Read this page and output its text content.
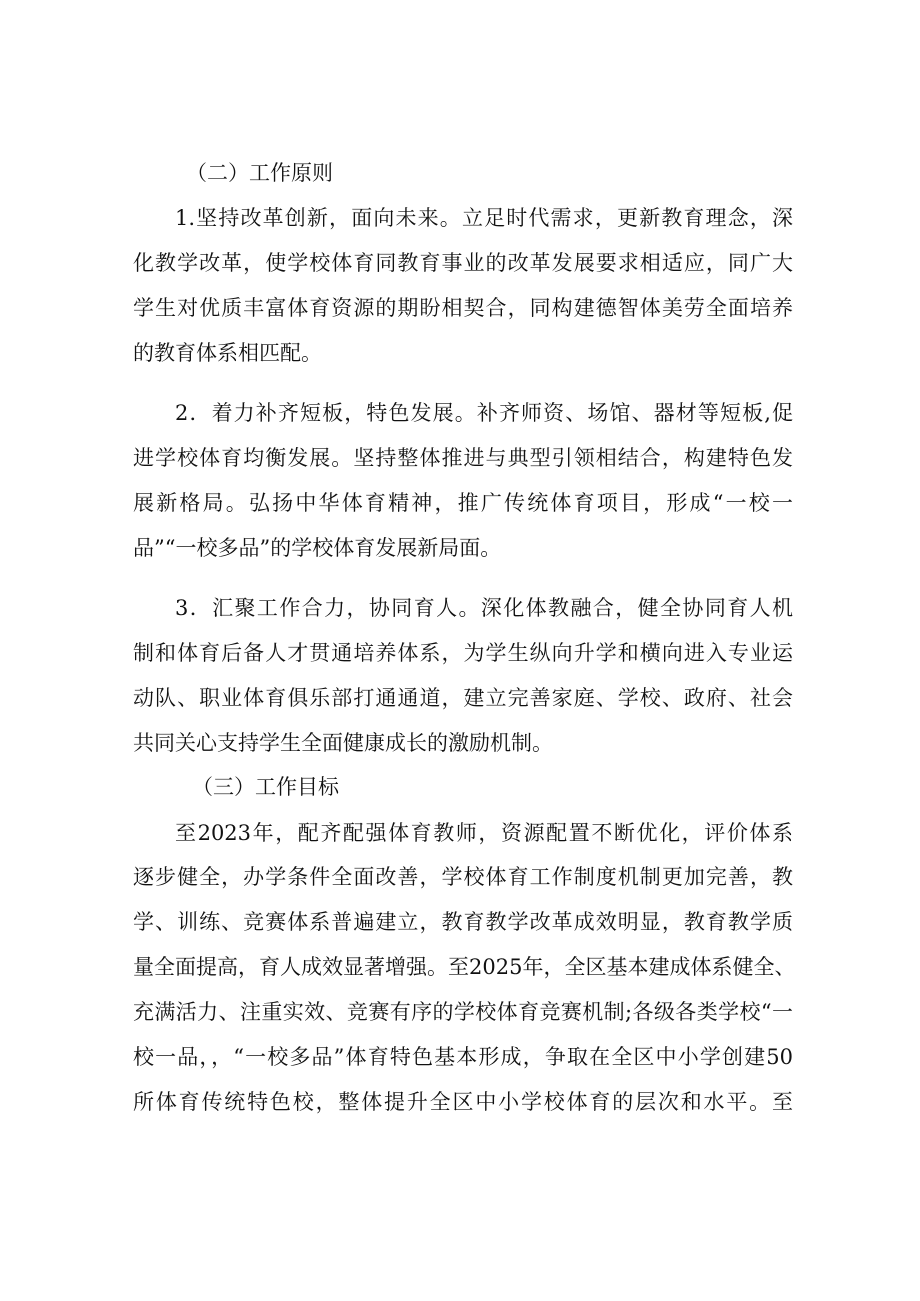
（二）工作原则
1.坚持改革创新，面向未来。立足时代需求，更新教育理念，深
化教学改革，使学校体育同教育事业的改革发展要求相适应，同广大
学生对优质丰富体育资源的期盼相契合，同构建德智体美劳全面培养
的教育体系相匹配。
2．着力补齐短板，特色发展。补齐师资、场馆、器材等短板,促
进学校体育均衡发展。坚持整体推进与典型引领相结合，构建特色发
展新格局。弘扬中华体育精神，推广传统体育项目，形成“一校一
品”“一校多品”的学校体育发展新局面。
3．汇聚工作合力，协同育人。深化体教融合，健全协同育人机
制和体育后备人才贯通培养体系，为学生纵向升学和横向进入专业运
动队、职业体育俱乐部打通通道，建立完善家庭、学校、政府、社会
共同关心支持学生全面健康成长的激励机制。
（三）工作目标
至2023年，配齐配强体育教师，资源配置不断优化，评价体系
逐步健全，办学条件全面改善，学校体育工作制度机制更加完善，教
学、训练、竞赛体系普遍建立，教育教学改革成效明显，教育教学质
量全面提高，育人成效显著增强。至2025年，全区基本建成体系健全、
充满活力、注重实效、竞赛有序的学校体育竞赛机制;各级各类学校“一
校一品，，“一校多品”体育特色基本形成，争取在全区中小学创建50
所体育传统特色校，整体提升全区中小学校体育的层次和水平。至
